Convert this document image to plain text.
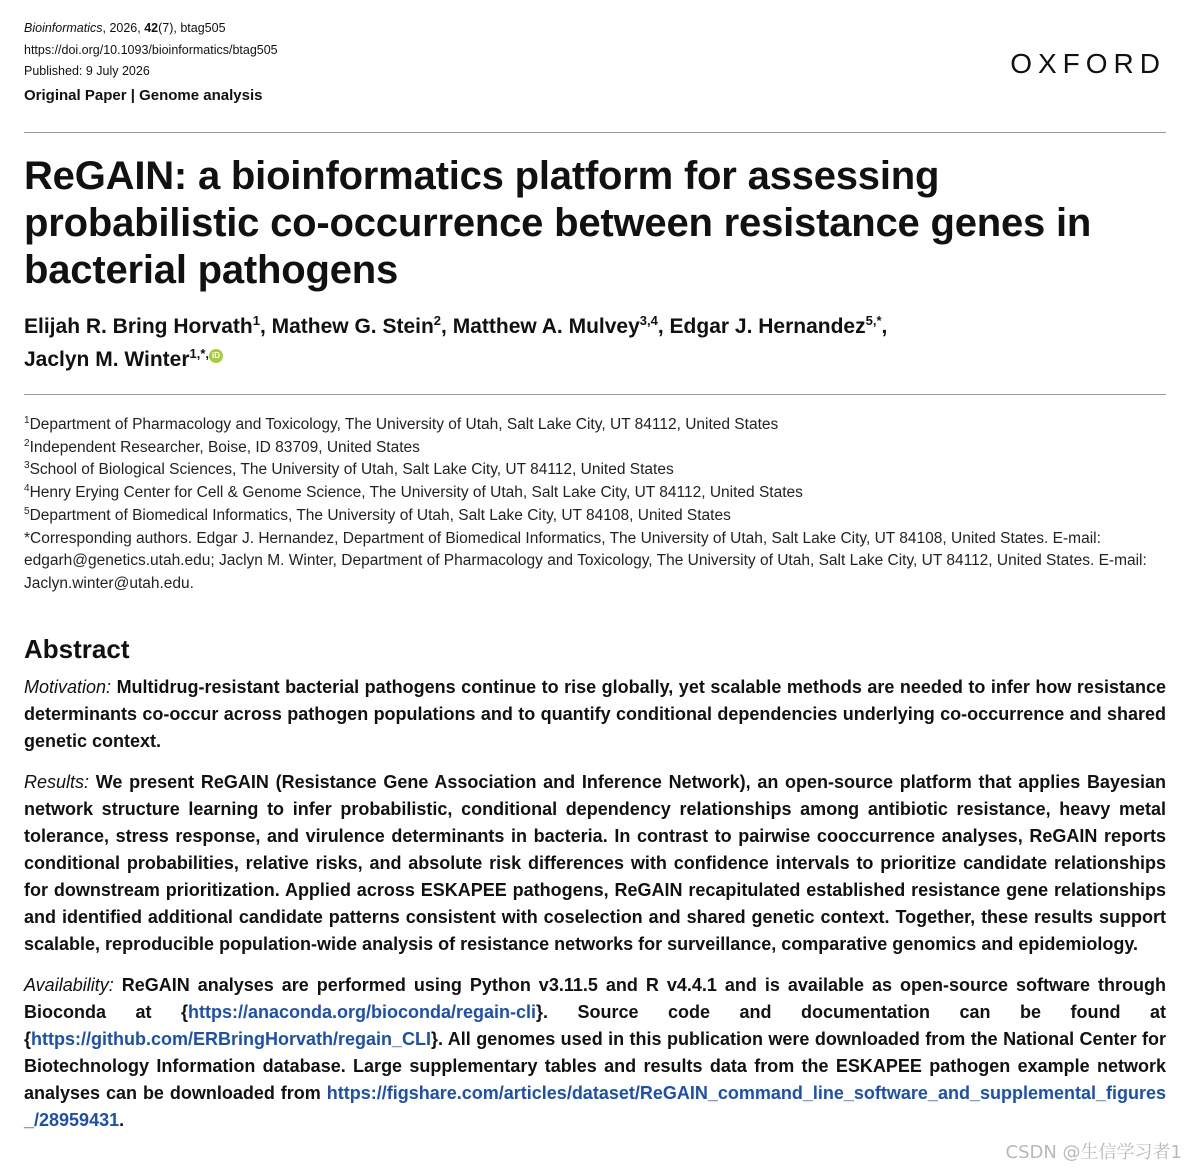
Bioinformatics, 2026, 42(7), btag505
https://doi.org/10.1093/bioinformatics/btag505
Published: 9 July 2026
Original Paper | Genome analysis
OXFORD
ReGAIN: a bioinformatics platform for assessing probabilistic co-occurrence between resistance genes in bacterial pathogens
Elijah R. Bring Horvath$^1$, Mathew G. Stein$^2$, Matthew A. Mulvey$^{3,4}$, Edgar J. Hernandez$^{5,*}$,
Jaclyn M. Winter$^{1,*,}$ iD
$^1$Department of Pharmacology and Toxicology, The University of Utah, Salt Lake City, UT 84112, United States
$^2$Independent Researcher, Boise, ID 83709, United States
$^3$School of Biological Sciences, The University of Utah, Salt Lake City, UT 84112, United States
$^4$Henry Erying Center for Cell & Genome Science, The University of Utah, Salt Lake City, UT 84112, United States
$^5$Department of Biomedical Informatics, The University of Utah, Salt Lake City, UT 84108, United States
*Corresponding authors. Edgar J. Hernandez, Department of Biomedical Informatics, The University of Utah, Salt Lake City, UT 84108, United States. E-mail: edgarh@genetics.utah.edu; Jaclyn M. Winter, Department of Pharmacology and Toxicology, The University of Utah, Salt Lake City, UT 84112, United States. E-mail: Jaclyn.winter@utah.edu.
Abstract
Motivation: Multidrug-resistant bacterial pathogens continue to rise globally, yet scalable methods are needed to infer how resistance determinants co-occur across pathogen populations and to quantify conditional dependencies underlying co-occurrence and shared genetic context.
Results: We present ReGAIN (Resistance Gene Association and Inference Network), an open-source platform that applies Bayesian network structure learning to infer probabilistic, conditional dependency relationships among antibiotic resistance, heavy metal tolerance, stress response, and virulence determinants in bacteria. In contrast to pairwise cooccurrence analyses, ReGAIN reports conditional probabilities, relative risks, and absolute risk differences with confidence intervals to prioritize candidate relationships for downstream prioritization. Applied across ESKAPEE pathogens, ReGAIN recapitulated established resistance gene relationships and identified additional candidate patterns consistent with coselection and shared genetic context. Together, these results support scalable, reproducible population-wide analysis of resistance networks for surveillance, comparative genomics and epidemiology.
Availability: ReGAIN analyses are performed using Python v3.11.5 and R v4.4.1 and is available as open-source software through Bioconda at {https://anaconda.org/bioconda/regain-cli}. Source code and documentation can be found at {https://github.com/ERBringHorvath/regain_CLI}. All genomes used in this publication were downloaded from the National Center for Biotechnology Information database. Large supplementary tables and results data from the ESKAPEE pathogen example network analyses can be downloaded from https://figshare.com/articles/dataset/ReGAIN_command_line_software_and_supplemental_figures_/28959431.
CSDN @生信学习者1
